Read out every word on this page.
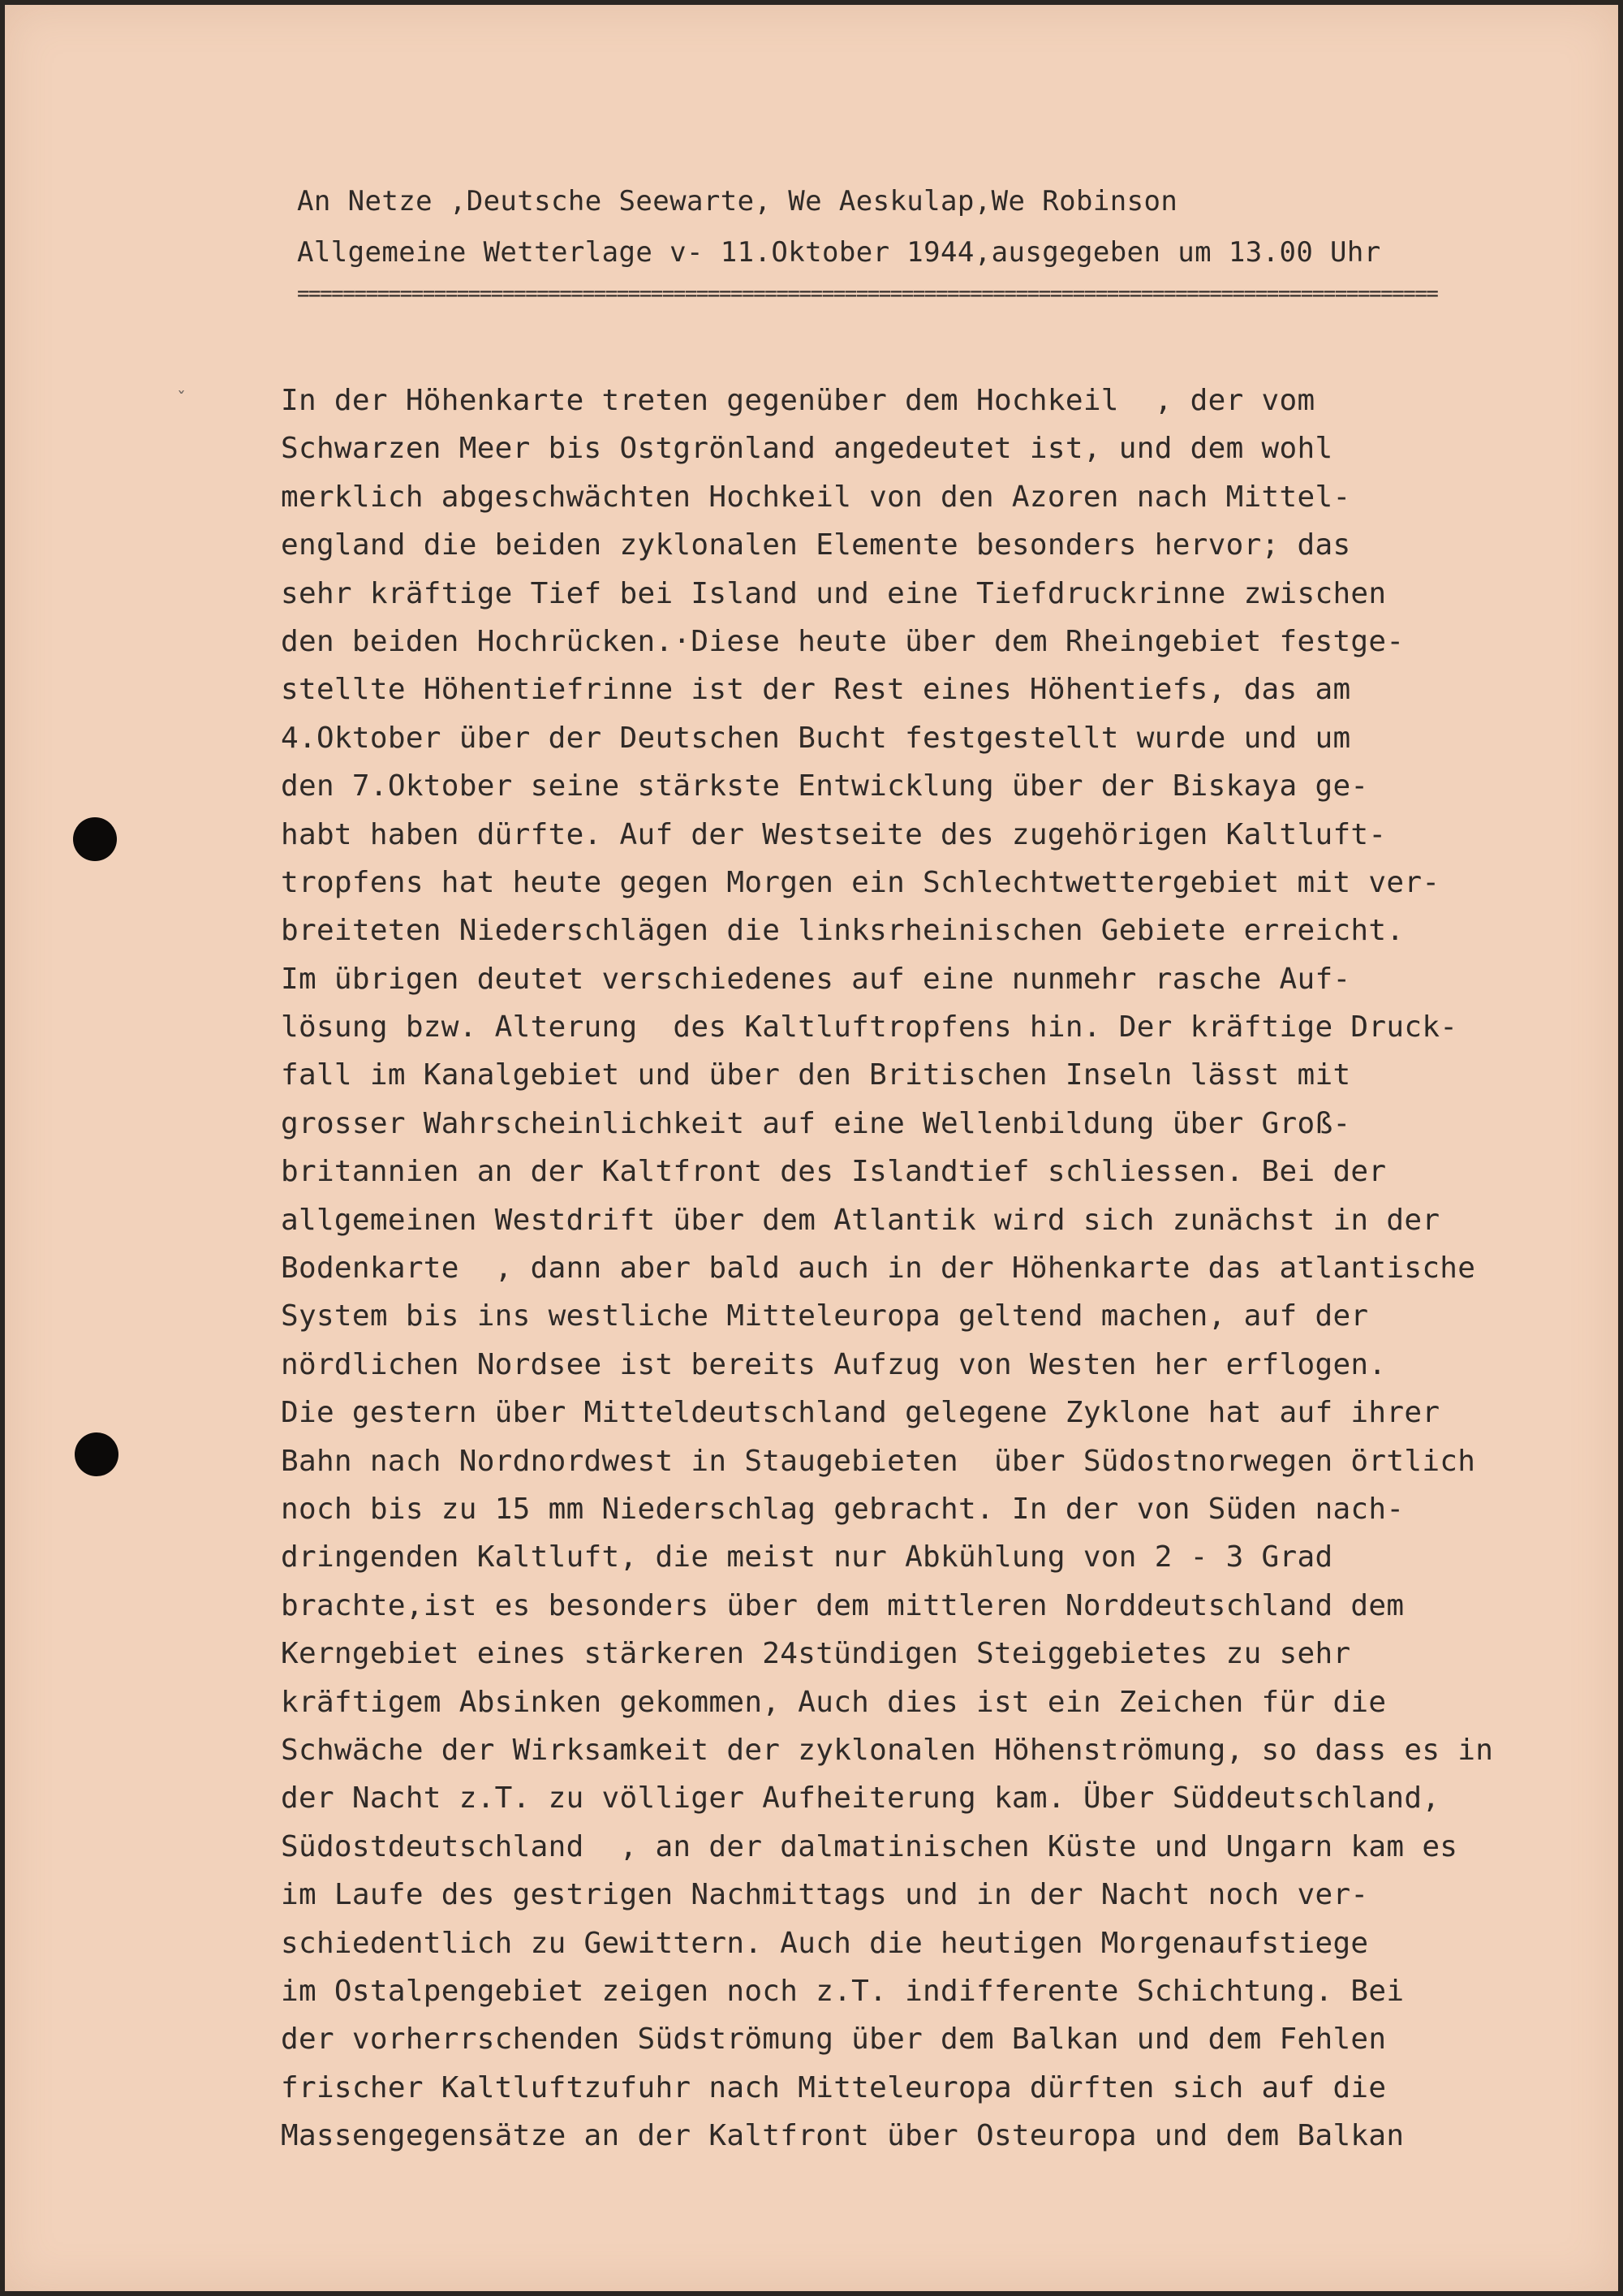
ˇ

An Netze ,Deutsche Seewarte, We Aeskulap,We Robinson

Allgemeine Wetterlage v- 11.Oktober 1944,ausgegeben um 13.00 Uhr

====================================================================================================

In der Höhenkarte treten gegenüber dem Hochkeil  , der vom
Schwarzen Meer bis Ostgrönland angedeutet ist, und dem wohl
merklich abgeschwächten Hochkeil von den Azoren nach Mittel-
england die beiden zyklonalen Elemente besonders hervor; das
sehr kräftige Tief bei Island und eine Tiefdruckrinne zwischen
den beiden Hochrücken.·Diese heute über dem Rheingebiet festge-
stellte Höhentiefrinne ist der Rest eines Höhentiefs, das am
4.Oktober über der Deutschen Bucht festgestellt wurde und um
den 7.Oktober seine stärkste Entwicklung über der Biskaya ge-
habt haben dürfte. Auf der Westseite des zugehörigen Kaltluft-
tropfens hat heute gegen Morgen ein Schlechtwettergebiet mit ver-
breiteten Niederschlägen die linksrheinischen Gebiete erreicht.
Im übrigen deutet verschiedenes auf eine nunmehr rasche Auf-
lösung bzw. Alterung  des Kaltluftropfens hin. Der kräftige Druck-
fall im Kanalgebiet und über den Britischen Inseln lässt mit
grosser Wahrscheinlichkeit auf eine Wellenbildung über Groß-
britannien an der Kaltfront des Islandtief schliessen. Bei der
allgemeinen Westdrift über dem Atlantik wird sich zunächst in der
Bodenkarte  , dann aber bald auch in der Höhenkarte das atlantische
System bis ins westliche Mitteleuropa geltend machen, auf der
nördlichen Nordsee ist bereits Aufzug von Westen her erflogen.
Die gestern über Mitteldeutschland gelegene Zyklone hat auf ihrer
Bahn nach Nordnordwest in Staugebieten  über Südostnorwegen örtlich
noch bis zu 15 mm Niederschlag gebracht. In der von Süden nach-
dringenden Kaltluft, die meist nur Abkühlung von 2 - 3 Grad
brachte,ist es besonders über dem mittleren Norddeutschland dem
Kerngebiet eines stärkeren 24stündigen Steiggebietes zu sehr
kräftigem Absinken gekommen, Auch dies ist ein Zeichen für die
Schwäche der Wirksamkeit der zyklonalen Höhenströmung, so dass es in
der Nacht z.T. zu völliger Aufheiterung kam. Über Süddeutschland,
Südostdeutschland  , an der dalmatinischen Küste und Ungarn kam es
im Laufe des gestrigen Nachmittags und in der Nacht noch ver-
schiedentlich zu Gewittern. Auch die heutigen Morgenaufstiege
im Ostalpengebiet zeigen noch z.T. indifferente Schichtung. Bei
der vorherrschenden Südströmung über dem Balkan und dem Fehlen
frischer Kaltluftzufuhr nach Mitteleuropa dürften sich auf die
Massengegensätze an der Kaltfront über Osteuropa und dem Balkan
